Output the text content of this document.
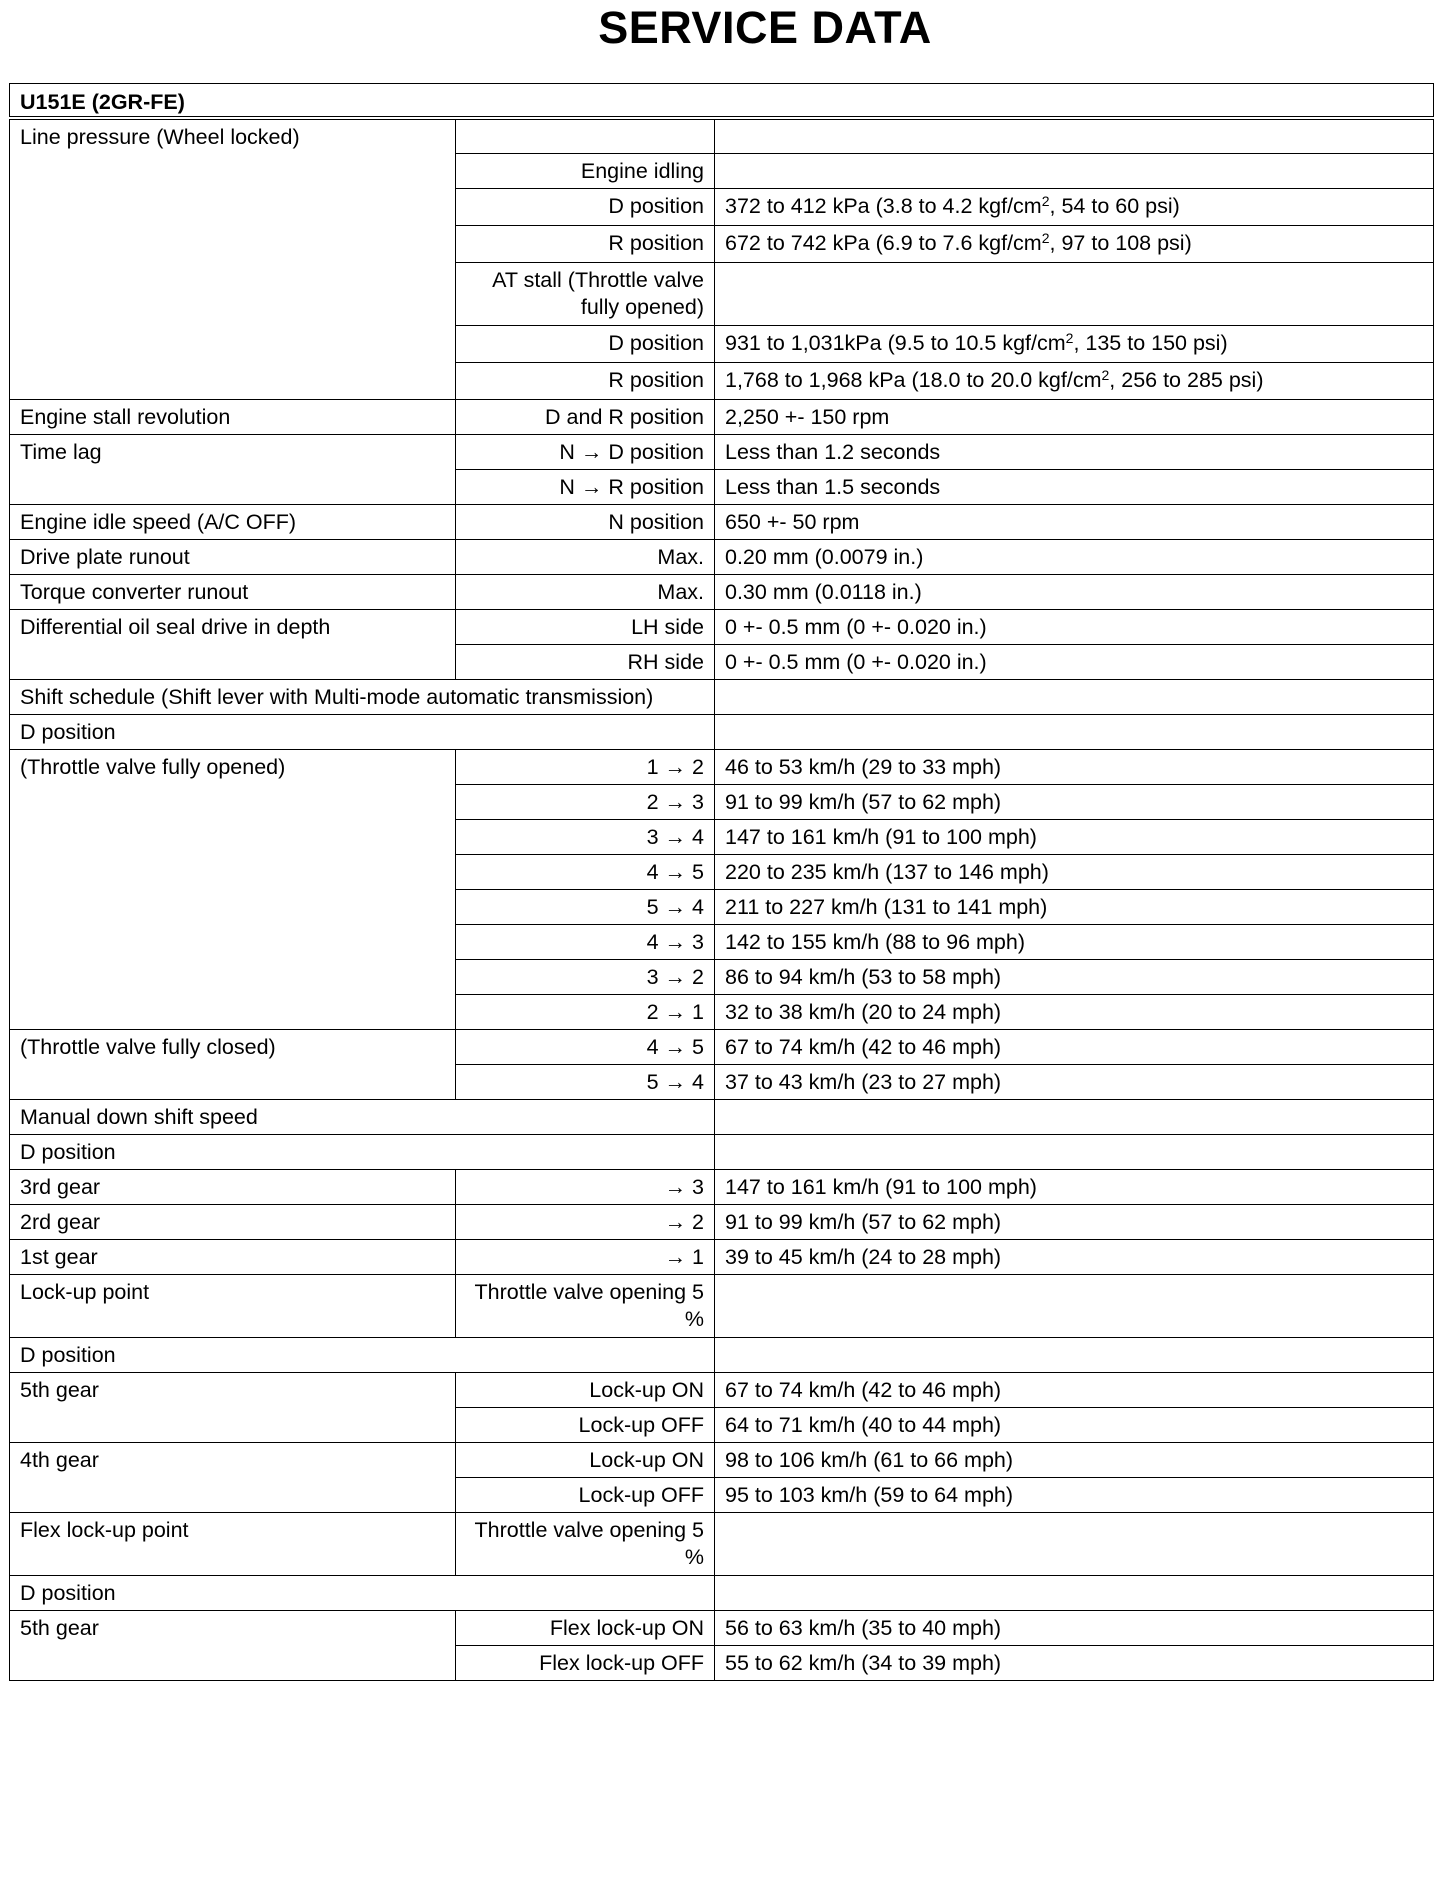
SERVICE DATA
U151E (2GR-FE)		
Line pressure (Wheel locked)		
	Engine idling	
	D position	372 to 412 kPa (3.8 to 4.2 kgf/$cm^2$, 54 to 60 psi)
	R position	672 to 742 kPa (6.9 to 7.6 kgf/$cm^2$, 97 to 108 psi)
	AT stall (Throttle valve fully opened)	
	D position	931 to 1,031kPa (9.5 to 10.5 kgf/$cm^2$, 135 to 150 psi)
	R position	1,768 to 1,968 kPa (18.0 to 20.0 kgf/$cm^2$, 256 to 285 psi)
Engine stall revolution	D and R position	2,250 +- 150 rpm
Time lag	N → D position	Less than 1.2 seconds
	N → R position	Less than 1.5 seconds
Engine idle speed (A/C OFF)	N position	650 +- 50 rpm
Drive plate runout	Max.	0.20 mm (0.0079 in.)
Torque converter runout	Max.	0.30 mm (0.0118 in.)
Differential oil seal drive in depth	LH side	0 +- 0.5 mm (0 +- 0.020 in.)
	RH side	0 +- 0.5 mm (0 +- 0.020 in.)
Shift schedule (Shift lever with Multi-mode automatic transmission)		
D position		
(Throttle valve fully opened)	1 → 2	46 to 53 km/h (29 to 33 mph)
	2 → 3	91 to 99 km/h (57 to 62 mph)
	3 → 4	147 to 161 km/h (91 to 100 mph)
	4 → 5	220 to 235 km/h (137 to 146 mph)
	5 → 4	211 to 227 km/h (131 to 141 mph)
	4 → 3	142 to 155 km/h (88 to 96 mph)
	3 → 2	86 to 94 km/h (53 to 58 mph)
	2 → 1	32 to 38 km/h (20 to 24 mph)
(Throttle valve fully closed)	4 → 5	67 to 74 km/h (42 to 46 mph)
	5 → 4	37 to 43 km/h (23 to 27 mph)
Manual down shift speed		
D position		
3rd gear	→ 3	147 to 161 km/h (91 to 100 mph)
2rd gear	→ 2	91 to 99 km/h (57 to 62 mph)
1st gear	→ 1	39 to 45 km/h (24 to 28 mph)
Lock-up point	Throttle valve opening 5 %	
D position		
5th gear	Lock-up ON	67 to 74 km/h (42 to 46 mph)
	Lock-up OFF	64 to 71 km/h (40 to 44 mph)
4th gear	Lock-up ON	98 to 106 km/h (61 to 66 mph)
	Lock-up OFF	95 to 103 km/h (59 to 64 mph)
Flex lock-up point	Throttle valve opening 5 %	
D position		
5th gear	Flex lock-up ON	56 to 63 km/h (35 to 40 mph)
	Flex lock-up OFF	55 to 62 km/h (34 to 39 mph)
